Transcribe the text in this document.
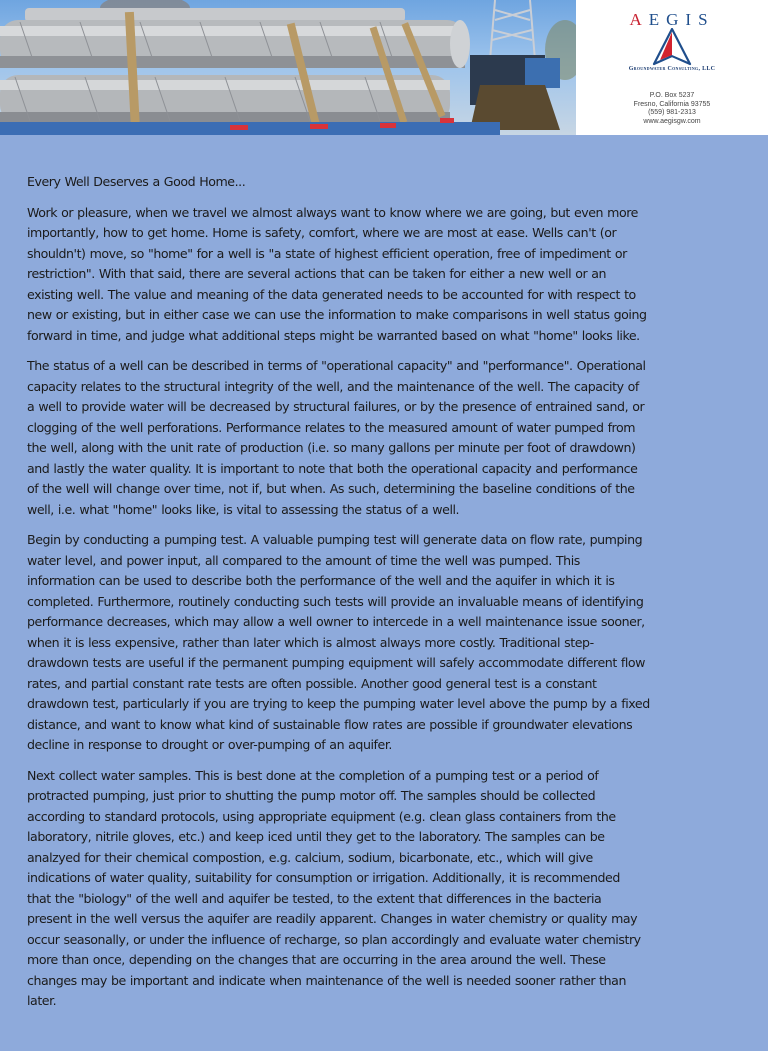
AEGIS
Groundwater Consulting, LLC
P.O. Box 5237
Fresno, California 93755
(559) 981-2313
www.aegisgw.com

Every Well Deserves a Good Home...

Work or pleasure, when we travel we almost always want to know where we are going, but even more
importantly, how to get home. Home is safety, comfort, where we are most at ease. Wells can't (or
shouldn't) move, so "home" for a well is "a state of highest efficient operation, free of impediment or
restriction". With that said, there are several actions that can be taken for either a new well or an
existing well. The value and meaning of the data generated needs to be accounted for with respect to
new or existing, but in either case we can use the information to make comparisons in well status going
forward in time, and judge what additional steps might be warranted based on what "home" looks like.

The status of a well can be described in terms of "operational capacity" and "performance". Operational
capacity relates to the structural integrity of the well, and the maintenance of the well. The capacity of
a well to provide water will be decreased by structural failures, or by the presence of entrained sand, or
clogging of the well perforations. Performance relates to the measured amount of water pumped from
the well, along with the unit rate of production (i.e. so many gallons per minute per foot of drawdown)
and lastly the water quality. It is important to note that both the operational capacity and performance
of the well will change over time, not if, but when. As such, determining the baseline conditions of the
well, i.e. what "home" looks like, is vital to assessing the status of a well.

Begin by conducting a pumping test. A valuable pumping test will generate data on flow rate, pumping
water level, and power input, all compared to the amount of time the well was pumped. This
information can be used to describe both the performance of the well and the aquifer in which it is
completed. Furthermore, routinely conducting such tests will provide an invaluable means of identifying
performance decreases, which may allow a well owner to intercede in a well maintenance issue sooner,
when it is less expensive, rather than later which is almost always more costly. Traditional step-
drawdown tests are useful if the permanent pumping equipment will safely accommodate different flow
rates, and partial constant rate tests are often possible. Another good general test is a constant
drawdown test, particularly if you are trying to keep the pumping water level above the pump by a fixed
distance, and want to know what kind of sustainable flow rates are possible if groundwater elevations
decline in response to drought or over-pumping of an aquifer.

Next collect water samples. This is best done at the completion of a pumping test or a period of
protracted pumping, just prior to shutting the pump motor off. The samples should be collected
according to standard protocols, using appropriate equipment (e.g. clean glass containers from the
laboratory, nitrile gloves, etc.) and keep iced until they get to the laboratory. The samples can be
analzyed for their chemical compostion, e.g. calcium, sodium, bicarbonate, etc., which will give
indications of water quality, suitability for consumption or irrigation. Additionally, it is recommended
that the "biology" of the well and aquifer be tested, to the extent that differences in the bacteria
present in the well versus the aquifer are readily apparent. Changes in water chemistry or quality may
occur seasonally, or under the influence of recharge, so plan accordingly and evaluate water chemistry
more than once, depending on the changes that are occurring in the area around the well. These
changes may be important and indicate when maintenance of the well is needed sooner rather than
later.
